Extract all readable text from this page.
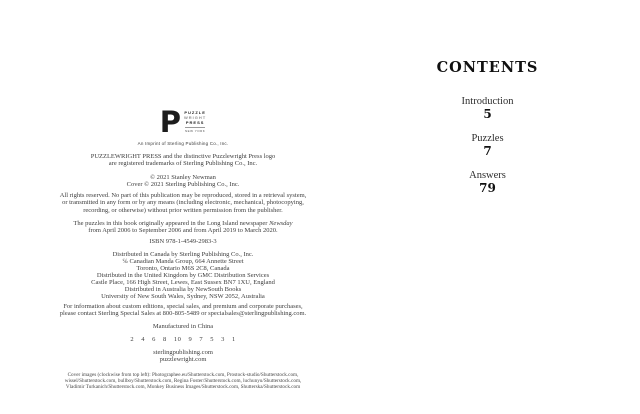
P PUZZLE
WRIGHT
PRESS
NEW YORK
An Imprint of Sterling Publishing Co., Inc.
PUZZLEWRIGHT PRESS and the distinctive Puzzlewright Press logo
are registered trademarks of Sterling Publishing Co., Inc.
© 2021 Stanley Newman
Cover © 2021 Sterling Publishing Co., Inc.
All rights reserved. No part of this publication may be reproduced, stored in a retrieval system,
or transmitted in any form or by any means (including electronic, mechanical, photocopying,
recording, or otherwise) without prior written permission from the publisher.
The puzzles in this book originally appeared in the Long Island newspaper Newsday
from April 2006 to September 2006 and from April 2019 to March 2020.
ISBN 978-1-4549-2983-3
Distributed in Canada by Sterling Publishing Co., Inc.
℅ Canadian Manda Group, 664 Annette Street
Toronto, Ontario M6S 2C8, Canada
Distributed in the United Kingdom by GMC Distribution Services
Castle Place, 166 High Street, Lewes, East Sussex BN7 1XU, England
Distributed in Australia by NewSouth Books
University of New South Wales, Sydney, NSW 2052, Australia
For information about custom editions, special sales, and premium and corporate purchases,
please contact Sterling Special Sales at 800-805-5489 or specialsales@sterlingpublishing.com.
Manufactured in China
2 4 6 8 10 9 7 5 3 1
sterlingpublishing.com
puzzlewright.com
Cover images (clockwise from top left): Photographee.eu/Shutterstock.com, Prostock-studio/Shutterstock.com,
wissel/Shutterstock.com, bullboy/Shutterstock.com, Regina Foster/Shutterstock.com, luchunyu/Shutterstock.com,
Vladimir Turkanich/Shutterstock.com, Monkey Business Images/Shutterstock.com, Shutterska/Shutterstock.com
CONTENTS
Introduction
5
Puzzles
7
Answers
79
